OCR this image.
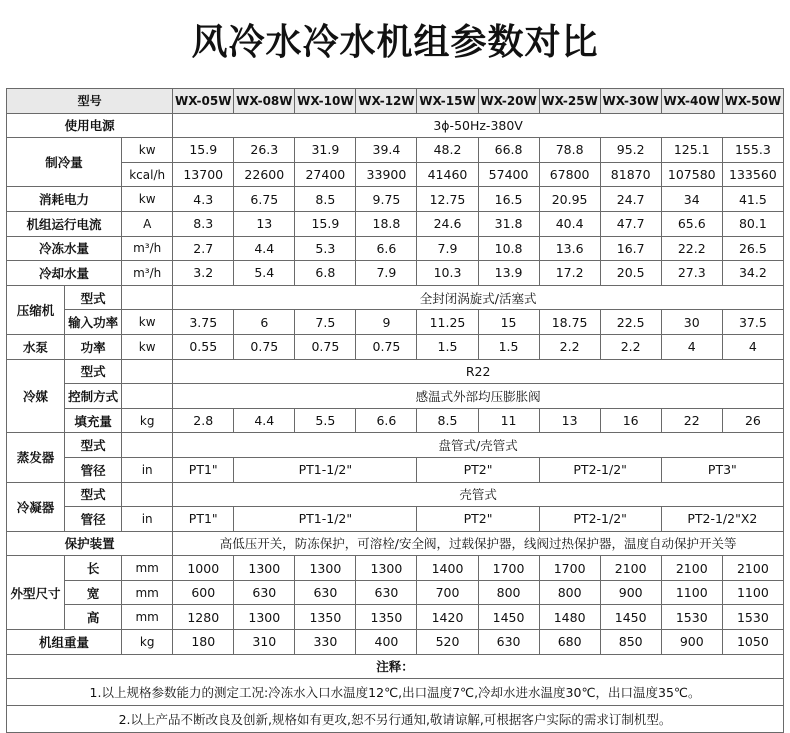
风冷水冷水机组参数对比
型号			WX-05W	WX-08W	WX-10W	WX-12W	WX-15W	WX-20W	WX-25W	WX-30W	WX-40W	WX-50W
使用电源			3ϕ-50Hz-380V									
制冷量		kw	15.9	26.3	31.9	39.4	48.2	66.8	78.8	95.2	125.1	155.3
		kcal/h	13700	22600	27400	33900	41460	57400	67800	81870	107580	133560
消耗电力		kw	4.3	6.75	8.5	9.75	12.75	16.5	20.95	24.7	34	41.5
机组运行电流		A	8.3	13	15.9	18.8	24.6	31.8	40.4	47.7	65.6	80.1
冷冻水量		m³/h	2.7	4.4	5.3	6.6	7.9	10.8	13.6	16.7	22.2	26.5
冷却水量		m³/h	3.2	5.4	6.8	7.9	10.3	13.9	17.2	20.5	27.3	34.2
压缩机	型式		全封闭涡旋式/活塞式									
	输入功率	kw	3.75	6	7.5	9	11.25	15	18.75	22.5	30	37.5
水泵	功率	kw	0.55	0.75	0.75	0.75	1.5	1.5	2.2	2.2	4	4
冷媒	型式		R22									
	控制方式		感温式外部均压膨胀阀									
	填充量	kg	2.8	4.4	5.5	6.6	8.5	11	13	16	22	26
蒸发器	型式		盘管式/壳管式									
	管径	in	PT1"	PT1-1/2"			PT2"		PT2-1/2"		PT3"	
冷凝器	型式		壳管式									
	管径	in	PT1"	PT1-1/2"			PT2"		PT2-1/2"		PT2-1/2"X2	
保护装置			高低压开关，防冻保护，可溶栓/安全阀，过载保护器，线阀过热保护器，温度自动保护开关等									
外型尺寸	长	mm	1000	1300	1300	1300	1400	1700	1700	2100	2100	2100
	宽	mm	600	630	630	630	700	800	800	900	1100	1100
	高	mm	1280	1300	1350	1350	1420	1450	1480	1450	1530	1530
机组重量		kg	180	310	330	400	520	630	680	850	900	1050
注释：												
1.以上规格参数能力的测定工况:冷冻水入口水温度12℃,出口温度7℃,冷却水进水温度30℃，出口温度35℃。												
2.以上产品不断改良及创新,规格如有更攻,恕不另行通知,敬请谅解,可根据客户实际的需求订制机型。												
